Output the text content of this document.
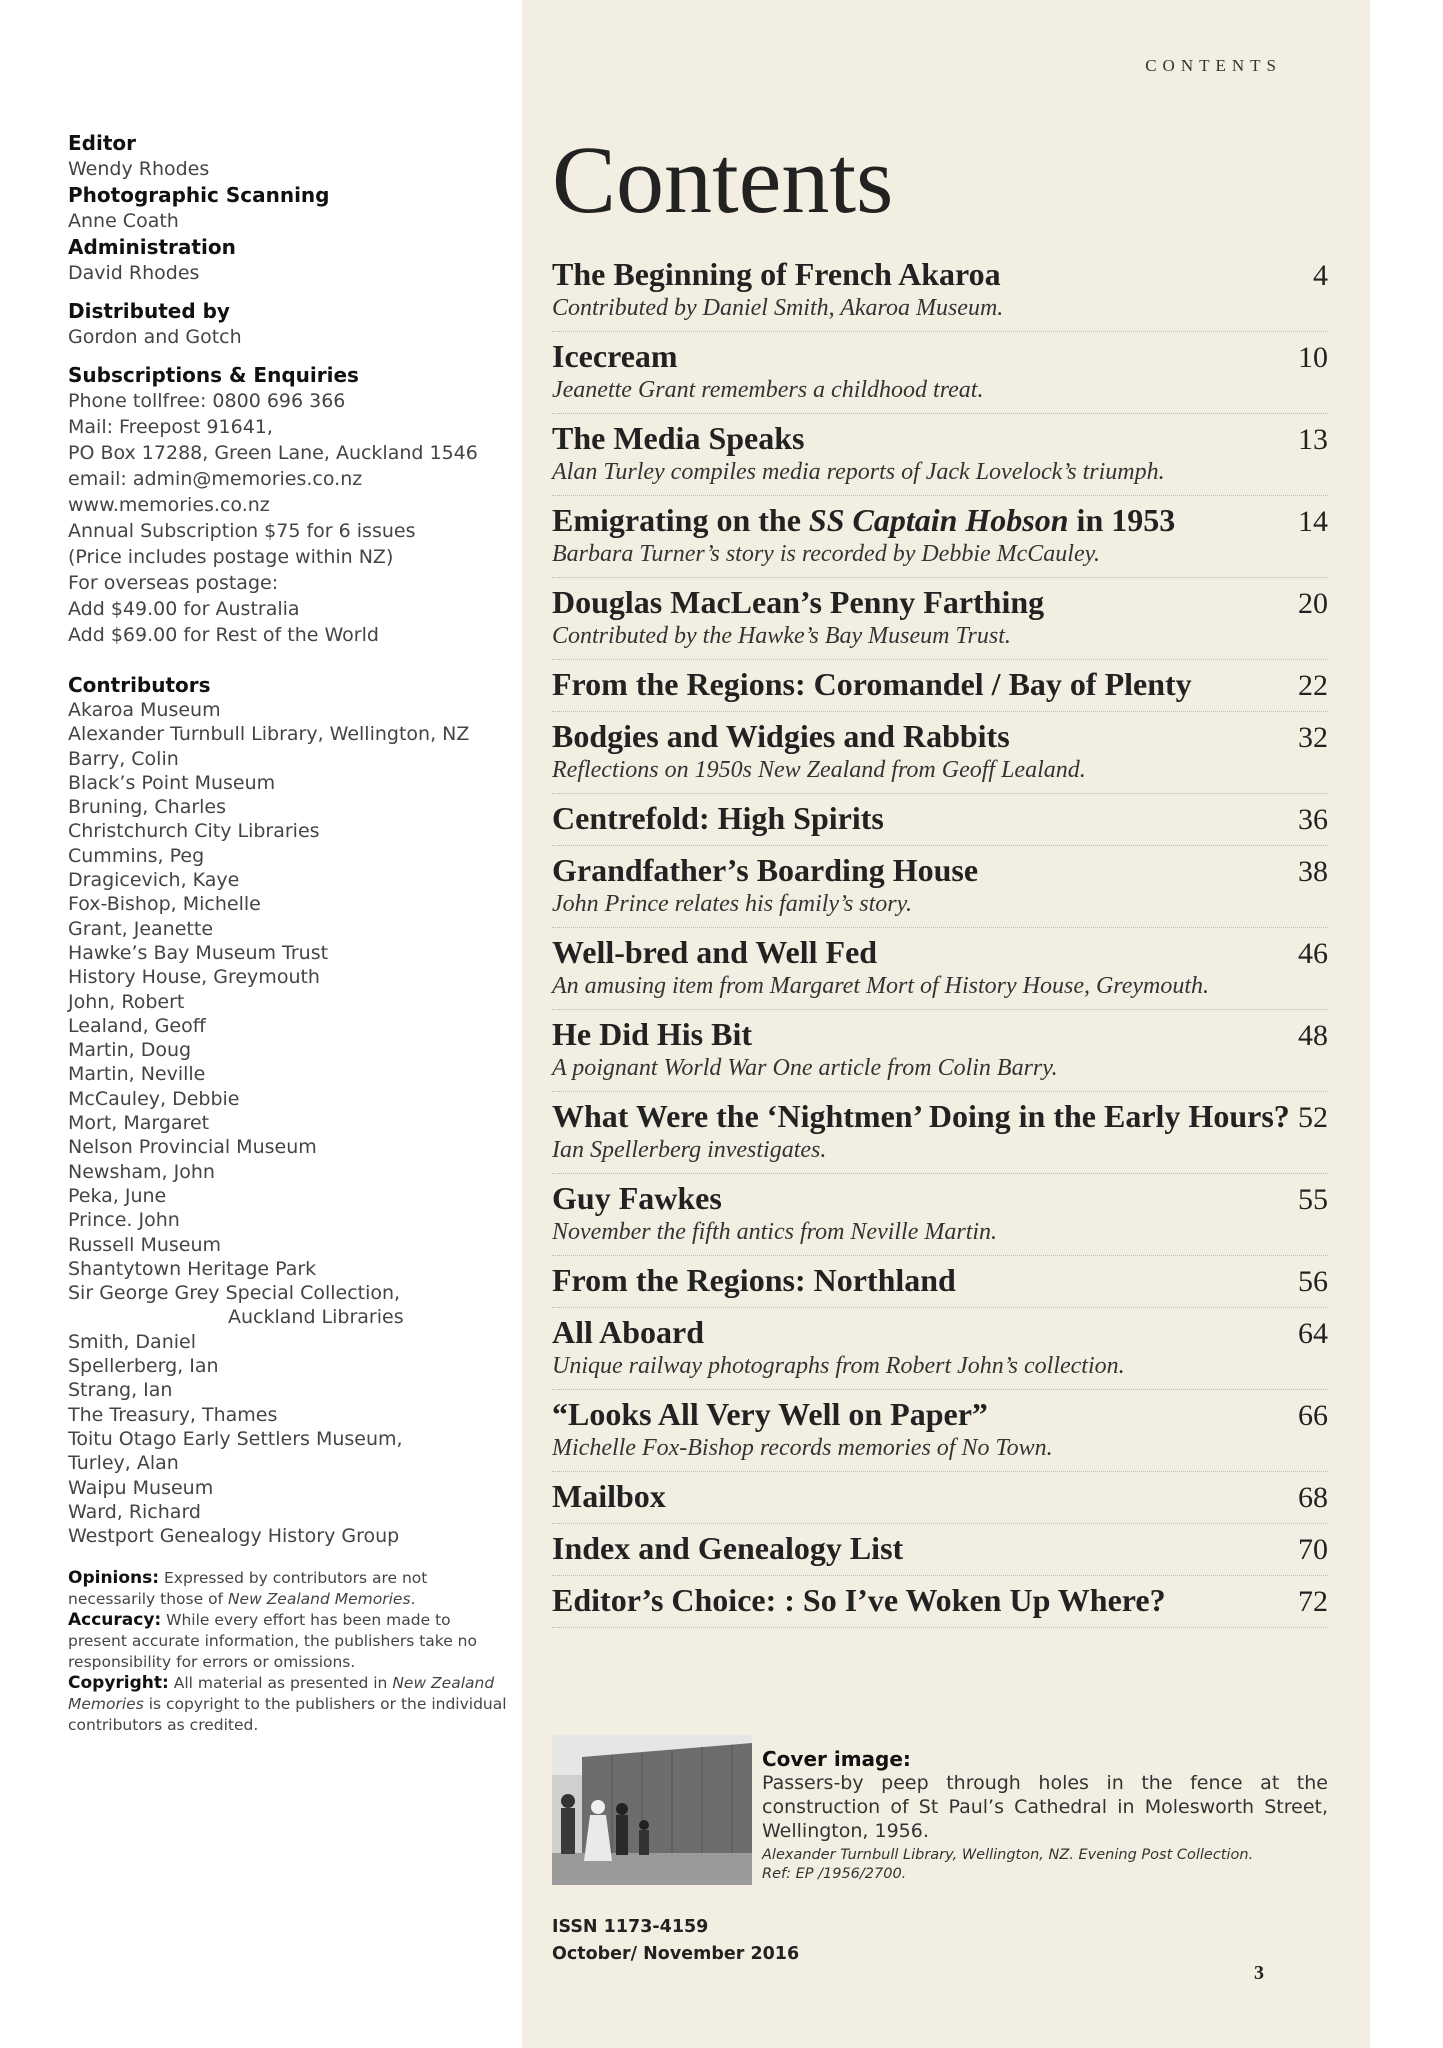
Editor
Wendy Rhodes
Photographic Scanning
Anne Coath
Administration
David Rhodes
Distributed by
Gordon and Gotch
Subscriptions & Enquiries
Phone tollfree: 0800 696 366
Mail: Freepost 91641,
PO Box 17288, Green Lane, Auckland 1546
email: admin@memories.co.nz
www.memories.co.nz
Annual Subscription $75 for 6 issues
(Price includes postage within NZ)
For overseas postage:
Add $49.00 for Australia
Add $69.00 for Rest of the World
Contributors
Akaroa Museum
Alexander Turnbull Library, Wellington, NZ
Barry, Colin
Black’s Point Museum
Bruning, Charles
Christchurch City Libraries
Cummins, Peg
Dragicevich, Kaye
Fox-Bishop, Michelle
Grant, Jeanette
Hawke’s Bay Museum Trust
History House, Greymouth
John, Robert
Lealand, Geoff
Martin, Doug
Martin, Neville
McCauley, Debbie
Mort, Margaret
Nelson Provincial Museum
Newsham, John
Peka, June
Prince. John
Russell Museum
Shantytown Heritage Park
Sir George Grey Special Collection,
Auckland Libraries
Smith, Daniel
Spellerberg, Ian
Strang, Ian
The Treasury, Thames
Toitu Otago Early Settlers Museum,
Turley, Alan
Waipu Museum
Ward, Richard
Westport Genealogy History Group
Opinions: Expressed by contributors are not necessarily those of New Zealand Memories.
Accuracy: While every effort has been made to present accurate information, the publishers take no responsibility for errors or omissions.
Copyright: All material as presented in New Zealand Memories is copyright to the publishers or the individual contributors as credited.
CONTENTS
Contents
The Beginning of French Akaroa	4
Contributed by Daniel Smith, Akaroa Museum.
Icecream	10
Jeanette Grant remembers a childhood treat.
The Media Speaks	13
Alan Turley compiles media reports of Jack Lovelock’s triumph.
Emigrating on the SS Captain Hobson in 1953	14
Barbara Turner’s story is recorded by Debbie McCauley.
Douglas MacLean’s Penny Farthing	20
Contributed by the Hawke’s Bay Museum Trust.
From the Regions: Coromandel / Bay of Plenty	22
Bodgies and Widgies and Rabbits	32
Reflections on 1950s New Zealand from Geoff Lealand.
Centrefold: High Spirits	36
Grandfather’s Boarding House	38
John Prince relates his family’s story.
Well-bred and Well Fed	46
An amusing item from Margaret Mort of History House, Greymouth.
He Did His Bit	48
A poignant World War One article from Colin Barry.
What Were the ‘Nightmen’ Doing in the Early Hours? 52
Ian Spellerberg investigates.
Guy Fawkes	55
November the fifth antics from Neville Martin.
From the Regions: Northland	56
All Aboard	64
Unique railway photographs from Robert John’s collection.
“Looks All Very Well on Paper”	66
Michelle Fox-Bishop records memories of No Town.
Mailbox	68
Index and Genealogy List	70
Editor’s Choice: : So I’ve Woken Up Where?	72
Cover image:
Passers-by peep through holes in the fence at the construction of St Paul’s Cathedral in Molesworth Street, Wellington, 1956.
Alexander Turnbull Library, Wellington, NZ. Evening Post Collection.
Ref: EP /1956/2700.
ISSN 1173-4159
October/ November 2016
3
